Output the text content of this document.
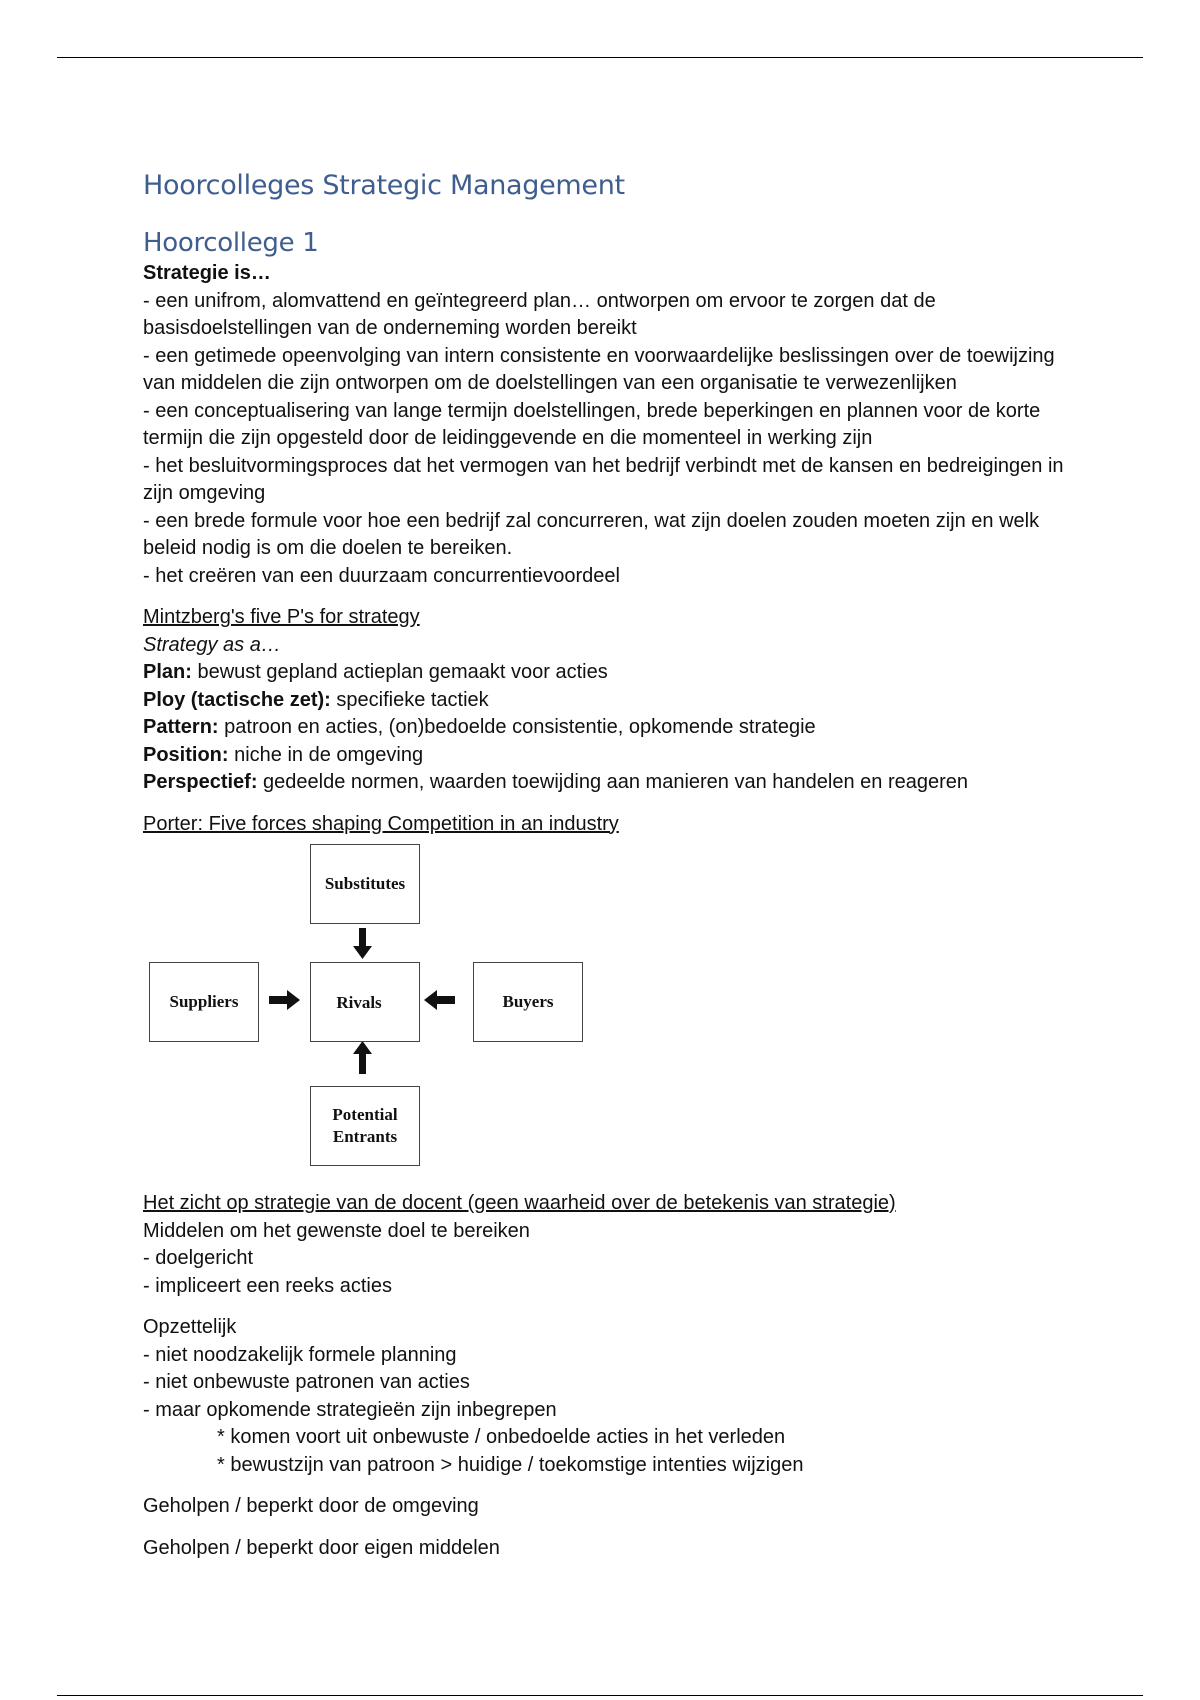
Hoorcolleges Strategic Management
Hoorcollege 1

Strategie is…

- een unifrom, alomvattend en geïntegreerd plan… ontworpen om ervoor te zorgen dat de basisdoelstellingen van de onderneming worden bereikt

- een getimede opeenvolging van intern consistente en voorwaardelijke beslissingen over de toewijzing van middelen die zijn ontworpen om de doelstellingen van een organisatie te verwezenlijken

- een conceptualisering van lange termijn doelstellingen, brede beperkingen en plannen voor de korte termijn die zijn opgesteld door de leidinggevende en die momenteel in werking zijn

- het besluitvormingsproces dat het vermogen van het bedrijf verbindt met de kansen en bedreigingen in zijn omgeving

- een brede formule voor hoe een bedrijf zal concurreren, wat zijn doelen zouden moeten zijn en welk beleid nodig is om die doelen te bereiken.

- het creëren van een duurzaam concurrentievoordeel

Mintzberg's five P's for strategy

Strategy as a…

Plan: bewust gepland actieplan gemaakt voor acties

Ploy (tactische zet): specifieke tactiek

Pattern: patroon en acties, (on)bedoelde consistentie, opkomende strategie

Position: niche in de omgeving

Perspectief: gedeelde normen, waarden toewijding aan manieren van handelen en reageren

Porter: Five forces shaping Competition in an industry

Substitutes
Suppliers	Rivals	Buyers
Potential
Entrants

Het zicht op strategie van de docent (geen waarheid over de betekenis van strategie)

Middelen om het gewenste doel te bereiken

- doelgericht

- impliceert een reeks acties

Opzettelijk

- niet noodzakelijk formele planning

- niet onbewuste patronen van acties

- maar opkomende strategieën zijn inbegrepen

* komen voort uit onbewuste / onbedoelde acties in het verleden

* bewustzijn van patroon > huidige / toekomstige intenties wijzigen

Geholpen / beperkt door de omgeving

Geholpen / beperkt door eigen middelen
